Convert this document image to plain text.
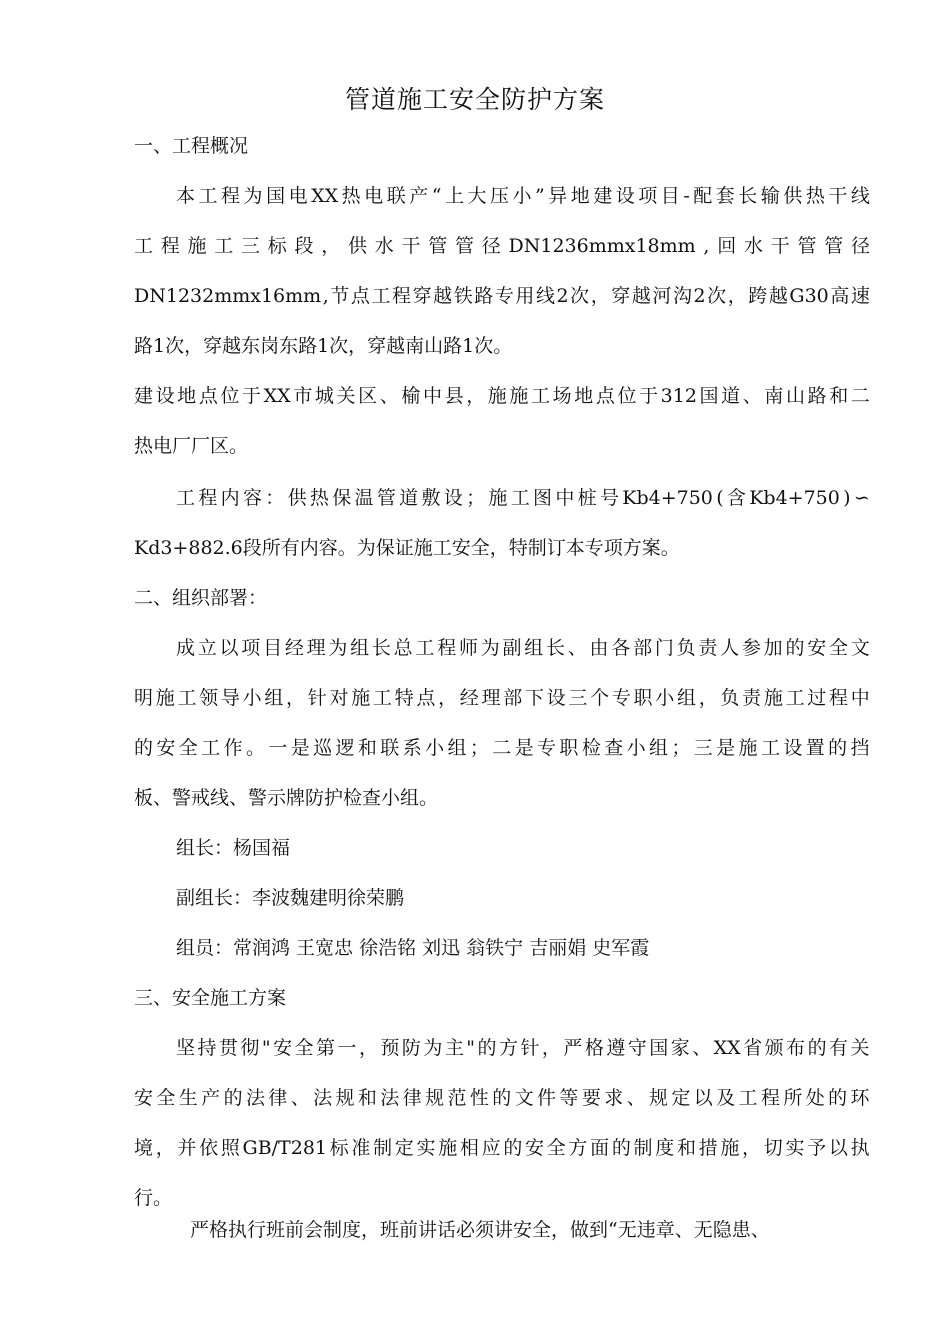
管道施工安全防护方案
一、工程概况
本 工 程 为 国 电 XX 热 电 联 产 “ 上 大 压 小 ” 异 地 建 设 项 目 - 配 套 长 输 供 热 干 线
工 程 施 工 三 标 段 ， 供 水 干 管 管 径 DN1236mmx18mm , 回 水 干 管 管 径
DN1232mmx16mm , 节 点 工 程 穿 越 铁 路 专 用 线 2 次 ， 穿 越 河 沟 2 次 ， 跨 越 G30 高 速
路1次，穿越东岗东路1次，穿越南山路1次。
建 设 地 点 位 于 XX 市 城 关 区 、 榆 中 县 ， 施 施 工 场 地 点 位 于 312 国 道 、 南 山 路 和 二
热电厂厂区。
工 程 内 容 ： 供 热 保 温 管 道 敷 设 ； 施 工 图 中 桩 号 Kb4+750 ( 含 Kb4+750 ) ∽
Kd3+882.6段所有内容。为保证施工安全，特制订本专项方案。
二、组织部署：
成 立 以 项 目 经 理 为 组 长 总 工 程 师 为 副 组 长 、 由 各 部 门 负 责 人 参 加 的 安 全 文
明 施 工 领 导 小 组 ， 针 对 施 工 特 点 ， 经 理 部 下 设 三 个 专 职 小 组 ， 负 责 施 工 过 程 中
的 安 全 工 作 。 一 是 巡 逻 和 联 系 小 组 ； 二 是 专 职 检 查 小 组 ； 三 是 施 工 设 置 的 挡
板、警戒线、警示牌防护检查小组。
组长：杨国福
副组长：李波魏建明徐荣鹏
组员：常润鸿 王宽忠 徐浩铭 刘迅 翁铁宁 吉丽娟 史军霞
三、安全施工方案
坚 持 贯 彻 " 安 全 第 一 ， 预 防 为 主 " 的 方 针 ， 严 格 遵 守 国 家 、 XX 省 颁 布 的 有 关
安 全 生 产 的 法 律 、 法 规 和 法 律 规 范 性 的 文 件 等 要 求 、 规 定 以 及 工 程 所 处 的 环
境 ， 并 依 照 GB/T281 标 准 制 定 实 施 相 应 的 安 全 方 面 的 制 度 和 措 施 ， 切 实 予 以 执
行。
严格执行班前会制度，班前讲话必须讲安全，做到“无违章、无隐患、
